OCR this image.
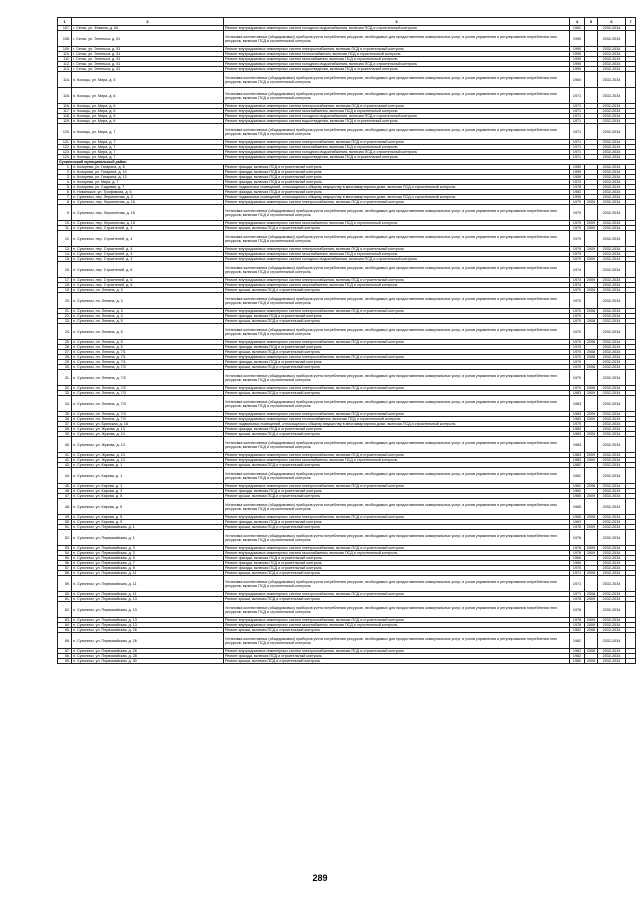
1	2	3	4	5	6	7
107.	г. Сенск, ул. Фомина, д. 54	Ремонт внутридомовых инженерных систем холодного водоснабжения, включая ПСД и строительный контроль	1962		2032-2034	
108.	г. Сенск, ул. Энгельса, д. 51	Установка коллективных (общедомовых) приборов учета потребления ресурсов, необходимых для предоставления коммунальных услуг, и узлов управления и регулирования потребления этих ресурсов, включая ПСД и строительный контроль	1990		2032-2034	
109.	г. Сенск, ул. Энгельса, д. 51	Ремонт внутридомовых инженерных систем электроснабжения, включая ПСД и строительный контроль	1990		2032-2034	
110.	г. Сенск, ул. Энгельса, д. 51	Ремонт внутридомовых инженерных систем теплоснабжения, включая ПСД и строительный контроль	1990		2032-2034	
111.	г. Сенск, ул. Энгельса, д. 51	Ремонт внутридомовых инженерных систем газоснабжения, включая ПСД и строительный контроль	1990		2032-2034	
112.	г. Сенск, ул. Энгельса, д. 51	Ремонт внутридомовых инженерных систем холодного водоснабжения, включая ПСД и строительный контроль	1990		2032-2034	
113.	г. Сенск, ул. Энгельса, д. 51	Ремонт внутридомовых инженерных систем водоотведения, включая ПСД и строительный контроль	1990		2032-2034	
114.	п. Косицы, ул. Мира, д. 5	Установка коллективных (общедомовых) приборов учета потребления ресурсов, необходимых для предоставления коммунальных услуг, и узлов управления и регулирования потребления этих ресурсов, включая ПСД и строительный контроль	1964		2032-2034	
115.	п. Косицы, ул. Мира, д. 6	Установка коллективных (общедомовых) приборов учета потребления ресурсов, необходимых для предоставления коммунальных услуг, и узлов управления и регулирования потребления этих ресурсов, включая ПСД и строительный контроль	1971		2032-2034	
116.	п. Косицы, ул. Мира, д. 6	Ремонт внутридомовых инженерных систем электроснабжения, включая ПСД и строительный контроль	1971		2032-2034	
117.	п. Косицы, ул. Мира, д. 6	Ремонт внутридомовых инженерных систем газоснабжения, включая ПСД и строительный контроль	1971		2032-2034	
118.	п. Косицы, ул. Мира, д. 6	Ремонт внутридомовых инженерных систем холодного водоснабжения, включая ПСД и строительный контроль	1971		2032-2034	
119.	п. Косицы, ул. Мира, д. 6	Ремонт внутридомовых инженерных систем водоотведения, включая ПСД и строительный контроль	1971		2032-2034	
120.	п. Косицы, ул. Мира, д. 7	Установка коллективных (общедомовых) приборов учета потребления ресурсов, необходимых для предоставления коммунальных услуг, и узлов управления и регулирования потребления этих ресурсов, включая ПСД и строительный контроль	1971		2032-2034	
121.	п. Косицы, ул. Мира, д. 7	Ремонт внутридомовых инженерных систем электроснабжения, включая ПСД и строительный контроль	1971		2032-2034	
122.	п. Косицы, ул. Мира, д. 7	Ремонт внутридомовых инженерных систем газоснабжения, включая ПСД и строительный контроль	1971		2032-2034	
123.	п. Косицы, ул. Мира, д. 7	Ремонт внутридомовых инженерных систем холодного водоснабжения, включая ПСД и строительный контроль	1971		2032-2034	
124.	п. Косицы, ул. Мира, д. 7	Ремонт внутридомовых инженерных систем водоотведения, включая ПСД и строительный контроль	1971		2032-2034	
Сухиничский муниципальный район						
1.	п. Козорева, ул. Гагарина, д. 8	Ремонт фасада, включая ПСД и строительный контроль	1959		2032-2034	
2.	п. Козорева, ул. Гагарина, д. 10	Ремонт фасада, включая ПСД и строительный контроль	1959		2032-2034	
3.	п. Козорева, ул. Гагарина, д. 12	Ремонт фасада, включая ПСД и строительный контроль	1959		2032-2034	
4.	п. Козорева, ул. Мира, д. 7	Ремонт фасада, включая ПСД и строительный контроль	1973		2032-2034	
5.	п. Козорева, ул. Садовая, д. 7	Ремонт подвальных помещений, относящихся к общему имуществу в многоквартирном доме, включая ПСД и строительный контроль	1978		2032-2034	
6.	п. Новинькое, ул. Трофимова, д. 6	Ремонт фасада, включая ПСД и строительный контроль	1983		2032-2034	
7.	п. Сухиничи, пер. Лермонтова, д. 2	Ремонт подвальных помещений, относящихся к общему имуществу в многоквартирном доме, включая ПСД и строительный контроль	1995		2032-2034	
8.	п. Сухиничи, пер. Лермонтова, д. 15	Ремонт внутридомовых инженерных систем электроснабжения, включая ПСД и строительный контроль	1979	2009	2032-2034	
9.	п. Сухиничи, пер. Лермонтова, д. 15	Установка коллективных (общедомовых) приборов учета потребления ресурсов, необходимых для предоставления коммунальных услуг, и узлов управления и регулирования потребления этих ресурсов, включая ПСД и строительный контроль	1979		2032-2034	
10.	п. Сухиничи, пер. Лермонтова, д. 15	Ремонт внутридомовых инженерных систем газоснабжения, включая ПСД и строительный контроль	1979	2009	2032-2034	
11.	п. Сухиничи, пер. Строителей, д. 4	Ремонт крыши, включая ПСД и строительный контроль	1979	2009	2032-2034	
12.	п. Сухиничи, пер. Строителей, д. 4	Установка коллективных (общедомовых) приборов учета потребления ресурсов, необходимых для предоставления коммунальных услуг, и узлов управления и регулирования потребления этих ресурсов, включая ПСД и строительный контроль	1979		2032-2034	
13.	п. Сухиничи, пер. Строителей, д. 4	Ремонт внутридомовых инженерных систем электроснабжения, включая ПСД и строительный контроль	1979	2009	2032-2034	
14.	п. Сухиничи, пер. Строителей, д. 4	Ремонт внутридомовых инженерных систем газоснабжения, включая ПСД и строительный контроль	1979		2032-2034	
15.	п. Сухиничи, пер. Строителей, д. 4	Ремонт внутридомовых инженерных систем холодного водоснабжения, включая ПСД и строительный контроль	1979	2009	2032-2034	
16.	п. Сухиничи, пер. Строителей, д. 6	Установка коллективных (общедомовых) приборов учета потребления ресурсов, необходимых для предоставления коммунальных услуг, и узлов управления и регулирования потребления этих ресурсов, включая ПСД и строительный контроль	1974		2032-2034	
17.	п. Сухиничи, пер. Строителей, д. 6	Ремонт внутридомовых инженерных систем электроснабжения, включая ПСД и строительный контроль	1974	2009	2032-2034	
18.	п. Сухиничи, пер. Строителей, д. 6	Ремонт внутридомовых инженерных систем газоснабжения, включая ПСД и строительный контроль	1974		2032-2034	
19.	п. Сухиничи, пл. Ленина, д. 3	Ремонт крыши, включая ПСД и строительный контроль	1970	2009	2032-2034	
20.	п. Сухиничи, пл. Ленина, д. 3	Установка коллективных (общедомовых) приборов учета потребления ресурсов, необходимых для предоставления коммунальных услуг, и узлов управления и регулирования потребления этих ресурсов, включая ПСД и строительный контроль	1970		2032-2034	
21.	п. Сухиничи, пл. Ленина, д. 3	Ремонт внутридомовых инженерных систем электроснабжения, включая ПСД и строительный контроль	1970	2008	2032-2034	
22.	п. Сухиничи, пл. Ленина, д. 3	Ремонт фасада, включая ПСД и строительный контроль	1970		2032-2034	
23.	п. Сухиничи, пл. Ленина, д. 5	Ремонт крыши, включая ПСД и строительный контроль	1970	2008	2032-2034	
24.	п. Сухиничи, пл. Ленина, д. 5	Установка коллективных (общедомовых) приборов учета потребления ресурсов, необходимых для предоставления коммунальных услуг, и узлов управления и регулирования потребления этих ресурсов, включая ПСД и строительный контроль	1970		2032-2034	
25.	п. Сухиничи, пл. Ленина, д. 5	Ремонт внутридомовых инженерных систем электроснабжения, включая ПСД и строительный контроль	1970	2008	2032-2034	
26.	п. Сухиничи, пл. Ленина, д. 5	Ремонт фасада, включая ПСД и строительный контроль	1970		2032-2034	
27.	п. Сухиничи, пл. Ленина, д. 7/1	Ремонт крыши, включая ПСД и строительный контроль	1970	2008	2032-2034	
28.	п. Сухиничи, пл. Ленина, д. 7/1	Ремонт внутридомовых инженерных систем электроснабжения, включая ПСД и строительный контроль	1970	2008	2032-2034	
29.	п. Сухиничи, пл. Ленина, д. 7/1	Ремонт фасада, включая ПСД и строительный контроль	1970		2032-2034	
30.	п. Сухиничи, пл. Ленина, д. 7/2	Ремонт крыши, включая ПСД и строительный контроль	1970	2008	2032-2034	
31.	п. Сухиничи, пл. Ленина, д. 7/2	Установка коллективных (общедомовых) приборов учета потребления ресурсов, необходимых для предоставления коммунальных услуг, и узлов управления и регулирования потребления этих ресурсов, включая ПСД и строительный контроль	1970		2032-2034	
32.	п. Сухиничи, пл. Ленина, д. 7/2	Ремонт внутридомовых инженерных систем электроснабжения, включая ПСД и строительный контроль	1970	2008	2032-2034	
33.	п. Сухиничи, пл. Ленина, д. 7/3	Ремонт крыши, включая ПСД и строительный контроль	1983	2009	2032-2034	
34.	п. Сухиничи, пл. Ленина, д. 7/3	Установка коллективных (общедомовых) приборов учета потребления ресурсов, необходимых для предоставления коммунальных услуг, и узлов управления и регулирования потребления этих ресурсов, включая ПСД и строительный контроль	1983		2032-2034	
35.	п. Сухиничи, пл. Ленина, д. 7/3	Ремонт внутридомовых инженерных систем электроснабжения, включая ПСД и строительный контроль	1983	2009	2032-2034	
36.	п. Сухиничи, пл. Ленина, д. 7/3	Ремонт внутридомовых инженерных систем теплоснабжения, включая ПСД и строительный контроль	1983	2009	2032-2034	
37.	п. Сухиничи, ул. Брянская, д. 16	Ремонт подвальных помещений, относящихся к общему имуществу в многоквартирном доме, включая ПСД и строительный контроль	1970		2032-2034	
38.	п. Сухиничи, ул. Жукова, д. 13	Ремонт фасада, включая ПСД и строительный контроль	1983		2032-2034	
39.	п. Сухиничи, ул. Жукова, д. 13	Ремонт крыши, включая ПСД и строительный контроль	1983	2009	2032-2034	
40.	п. Сухиничи, ул. Жукова, д. 13	Установка коллективных (общедомовых) приборов учета потребления ресурсов, необходимых для предоставления коммунальных услуг, и узлов управления и регулирования потребления этих ресурсов, включая ПСД и строительный контроль	1983		2032-2034	
41.	п. Сухиничи, ул. Жукова, д. 13	Ремонт внутридомовых инженерных систем электроснабжения, включая ПСД и строительный контроль	1983	2009	2032-2034	
42.	п. Сухиничи, ул. Жукова, д. 13	Ремонт внутридомовых инженерных систем газоснабжения, включая ПСД и строительный контроль	1983	2009	2032-2034	
43.	п. Сухиничи, ул. Кирова, д. 1	Ремонт крыши, включая ПСД и строительный контроль	1962		2032-2034	
44.	п. Сухиничи, ул. Кирова, д. 1	Установка коллективных (общедомовых) приборов учета потребления ресурсов, необходимых для предоставления коммунальных услуг, и узлов управления и регулирования потребления этих ресурсов, включая ПСД и строительный контроль	1962		2032-2034	
45.	п. Сухиничи, ул. Кирова, д. 1	Ремонт внутридомовых инженерных систем электроснабжения, включая ПСД и строительный контроль	1962	2008	2032-2034	
46.	п. Сухиничи, ул. Кирова, д. 3	Ремонт фасада, включая ПСД и строительный контроль	1962		2032-2034	
47.	п. Сухиничи, ул. Кирова, д. 5	Ремонт крыши, включая ПСД и строительный контроль	1965	2009	2032-2034	
48.	п. Сухиничи, ул. Кирова, д. 5	Установка коллективных (общедомовых) приборов учета потребления ресурсов, необходимых для предоставления коммунальных услуг, и узлов управления и регулирования потребления этих ресурсов, включая ПСД и строительный контроль	1965		2032-2034	
49.	п. Сухиничи, ул. Кирова, д. 5	Ремонт внутридомовых инженерных систем электроснабжения, включая ПСД и строительный контроль	1965	2008	2032-2034	
50.	п. Сухиничи, ул. Кирова, д. 9	Ремонт фасада, включая ПСД и строительный контроль	1963		2032-2034	
51.	п. Сухиничи, ул. Первомайская, д. 1	Ремонт крыши, включая ПСД и строительный контроль	1976	2009	2032-2034	
52.	п. Сухиничи, ул. Первомайская, д. 1	Установка коллективных (общедомовых) приборов учета потребления ресурсов, необходимых для предоставления коммунальных услуг, и узлов управления и регулирования потребления этих ресурсов, включая ПСД и строительный контроль	1976		2032-2034	
53.	п. Сухиничи, ул. Первомайская, д. 3	Ремонт внутридомовых инженерных систем электроснабжения, включая ПСД и строительный контроль	1976	2009	2032-2034	
54.	п. Сухиничи, ул. Первомайская, д. 3	Ремонт внутридомовых инженерных систем газоснабжения, включая ПСД и строительный контроль	1976	2009	2032-2034	
55.	п. Сухиничи, ул. Первомайская, д. 5	Ремонт фасада, включая ПСД и строительный контроль	1966		2032-2034	
56.	п. Сухиничи, ул. Первомайская, д. 7	Ремонт фасада, включая ПСД и строительный контроль	1966		2032-2034	
57.	п. Сухиничи, ул. Первомайская, д. 9	Ремонт фасада, включая ПСД и строительный контроль	1970		2032-2034	
58.	п. Сухиничи, ул. Первомайская, д. 11	Ремонт крыши, включая ПСД и строительный контроль	1971	2008	2032-2034	
59.	п. Сухиничи, ул. Первомайская, д. 11	Установка коллективных (общедомовых) приборов учета потребления ресурсов, необходимых для предоставления коммунальных услуг, и узлов управления и регулирования потребления этих ресурсов, включая ПСД и строительный контроль	1971		2032-2034	
60.	п. Сухиничи, ул. Первомайская, д. 11	Ремонт внутридомовых инженерных систем электроснабжения, включая ПСД и строительный контроль	1971	2008	2032-2034	
61.	п. Сухиничи, ул. Первомайская, д. 13	Ремонт крыши, включая ПСД и строительный контроль	1978	2009	2032-2034	
62.	п. Сухиничи, ул. Первомайская, д. 13	Установка коллективных (общедомовых) приборов учета потребления ресурсов, необходимых для предоставления коммунальных услуг, и узлов управления и регулирования потребления этих ресурсов, включая ПСД и строительный контроль	1978		2032-2034	
63.	п. Сухиничи, ул. Первомайская, д. 13	Ремонт внутридомовых инженерных систем электроснабжения, включая ПСД и строительный контроль	1978	2009	2032-2034	
64.	п. Сухиничи, ул. Первомайская, д. 13	Ремонт внутридомовых инженерных систем газоснабжения, включая ПСД и строительный контроль	1978	2009	2032-2034	
65.	п. Сухиничи, ул. Первомайская, д. 26	Ремонт крыши, включая ПСД и строительный контроль	1962	2008	2032-2034	
66.	п. Сухиничи, ул. Первомайская, д. 26	Установка коллективных (общедомовых) приборов учета потребления ресурсов, необходимых для предоставления коммунальных услуг, и узлов управления и регулирования потребления этих ресурсов, включая ПСД и строительный контроль	1962		2032-2034	
67.	п. Сухиничи, ул. Первомайская, д. 26	Ремонт внутридомовых инженерных систем электроснабжения, включая ПСД и строительный контроль	1962	2008	2032-2034	
68.	п. Сухиничи, ул. Первомайская, д. 28	Ремонт фасада, включая ПСД и строительный контроль	1962		2032-2034	
69.	п. Сухиничи, ул. Первомайская, д. 30	Ремонт крыши, включая ПСД и строительный контроль	1960	2008	2032-2034	
289
